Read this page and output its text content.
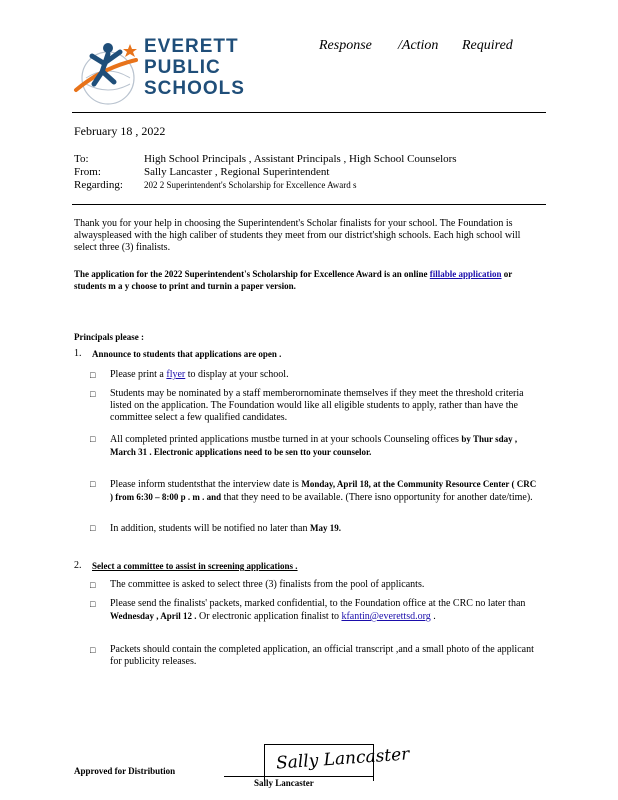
EVERETT
PUBLIC
SCHOOLS
Response /Action Required
February 18 , 2022
To:	High School Principals , Assistant Principals , High School Counselors
From:	Sally Lancaster , Regional Superintendent
Regarding: 202 2 Superintendent's Scholarship for Excellence Award s
Thank you for your help in choosing the Superintendent's Scholar finalists for your school. The Foundation is alwayspleased with the high caliber of students they meet from our district'shigh schools. Each high school will select three (3) finalists.
The application for the 2022 Superintendent's Scholarship for Excellence Award is an online fillable application or students m a y choose to print and turnin a paper version.
Principals please :
1. Announce to students that applications are open .
□ Please print a flyer to display at your school.
□ Students may be nominated by a staff memberornominate themselves if they meet the threshold criteria listed on the application. The Foundation would like all eligible students to apply, rather than have the committee select a few qualified candidates.
□ All completed printed applications mustbe turned in at your schools Counseling offices by Thur sday , March 31 . Electronic applications need to be sen tto your counselor.
□ Please inform studentsthat the interview date is Monday, April 18, at the Community Resource Center ( CRC ) from 6:30 – 8:00 p . m . and that they need to be available. (There isno opportunity for another date/time).
□ In addition, students will be notified no later than May 19.
2. Select a committee to assist in screening applications .
□ The committee is asked to select three (3) finalists from the pool of applicants.
□ Please send the finalists' packets, marked confidential, to the Foundation office at the CRC no later than Wednesday , April 12 . Or electronic application finalist to kfantin@everettsd.org .
□ Packets should contain the completed application, an official transcript ,and a small photo of the applicant for publicity releases.
Approved for Distribution	Sally Lancaster
Sally Lancaster
